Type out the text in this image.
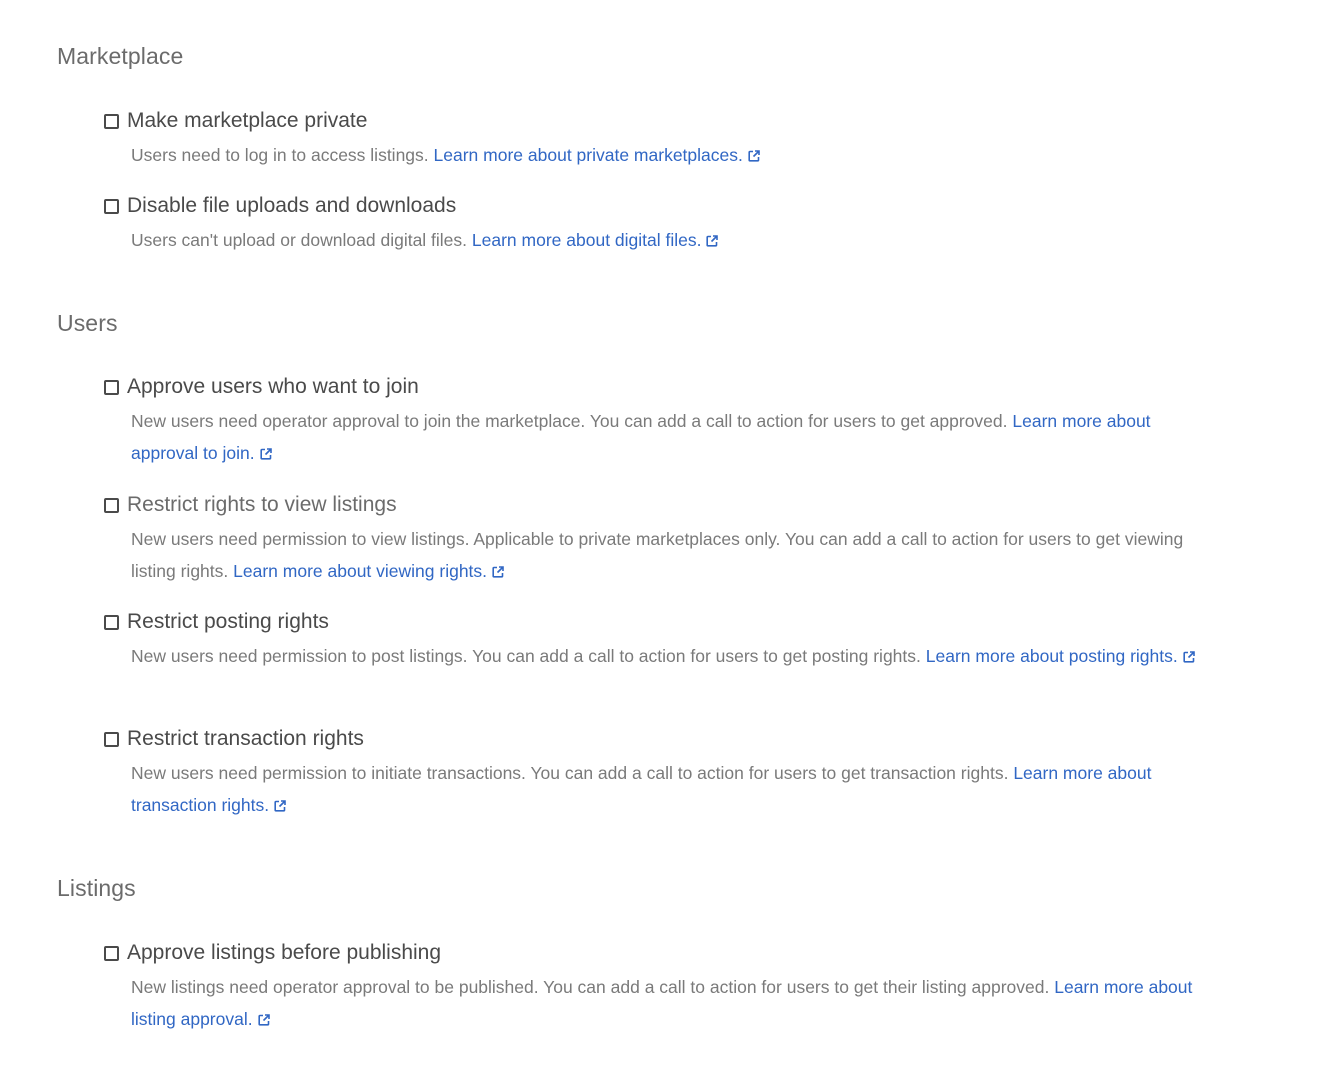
Marketplace
Make marketplace private
Users need to log in to access listings. Learn more about private marketplaces.
Disable file uploads and downloads
Users can't upload or download digital files. Learn more about digital files.
Users
Approve users who want to join
New users need operator approval to join the marketplace. You can add a call to action for users to get approved. Learn more about approval to join.
Restrict rights to view listings
New users need permission to view listings. Applicable to private marketplaces only. You can add a call to action for users to get viewing listing rights. Learn more about viewing rights.
Restrict posting rights
New users need permission to post listings. You can add a call to action for users to get posting rights. Learn more about posting rights.
Restrict transaction rights
New users need permission to initiate transactions. You can add a call to action for users to get transaction rights. Learn more about transaction rights.
Listings
Approve listings before publishing
New listings need operator approval to be published. You can add a call to action for users to get their listing approved. Learn more about listing approval.
